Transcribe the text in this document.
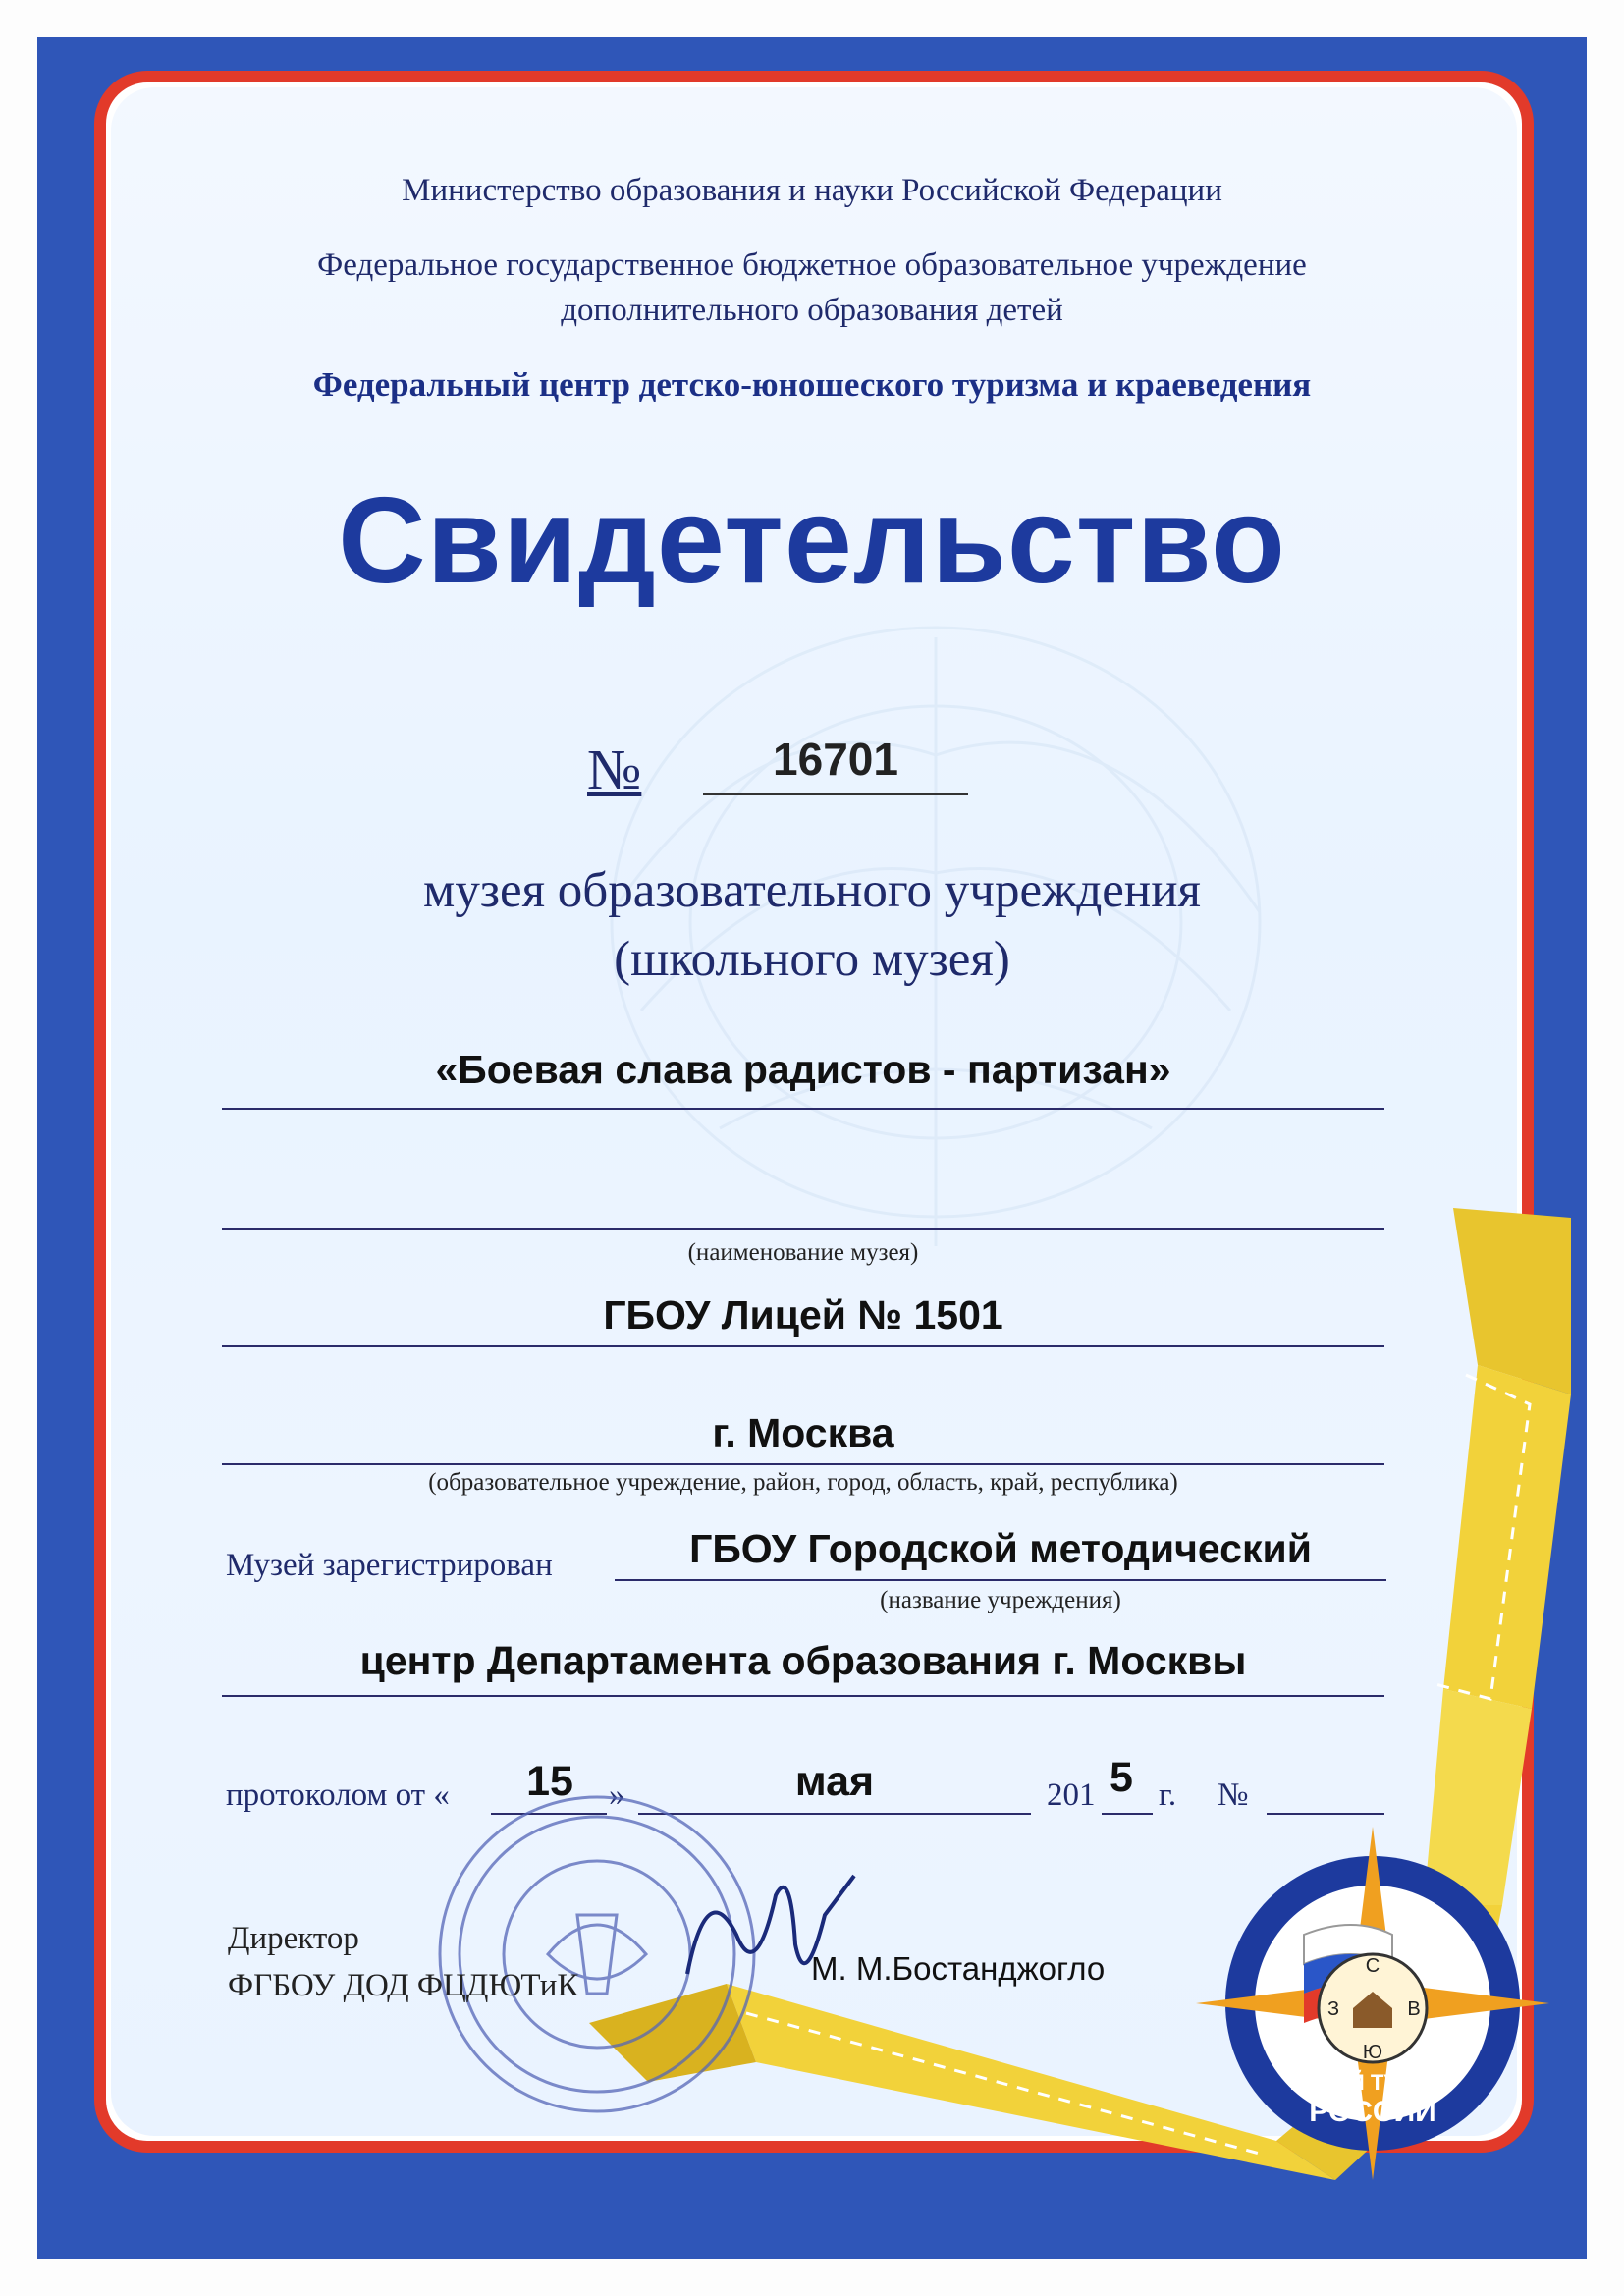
Министерство образования и науки Российской Федерации
Федеральное государственное бюджетное образовательное учреждение
дополнительного образования детей
Федеральный центр детско-юношеского туризма и краеведения
Свидетельство
№	16701
музея образовательного учреждения
(школьного музея)
«Боевая слава радистов - партизан»
(наименование музея)
ГБОУ Лицей № 1501
г. Москва
(образовательное учреждение, район, город, область, край, республика)
Музей зарегистрирован	ГБОУ Городской методический
(название учреждения)
центр Департамента образования г. Москвы
протоколом от «	15	»	мая	201 5 г. №
Директор
ФГБОУ ДОД ФЦДЮТиК	М. М.Бостанджогло	С
В
Ю
З
ЮНЫЙ ТУРИСТ
РОССИИ
